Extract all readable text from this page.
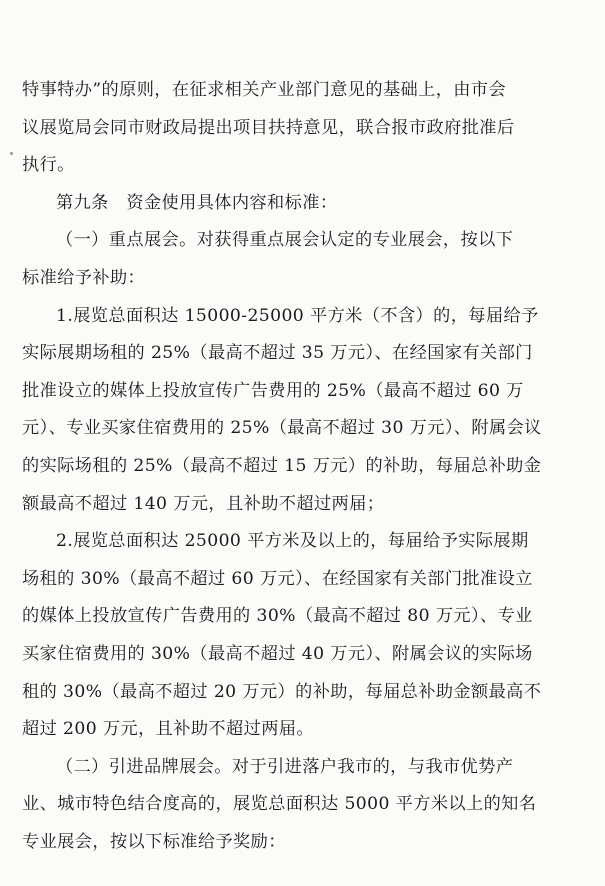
特事特办”的原则，在征求相关产业部门意见的基础上，由市会
议展览局会同市财政局提出项目扶持意见，联合报市政府批准后
执行。
第九条　资金使用具体内容和标准：
（一）重点展会。对获得重点展会认定的专业展会，按以下
标准给予补助：
1.展览总面积达 15000-25000 平方米（不含）的，每届给予
实际展期场租的 25%（最高不超过 35 万元）、在经国家有关部门
批准设立的媒体上投放宣传广告费用的 25%（最高不超过 60 万
元）、专业买家住宿费用的 25%（最高不超过 30 万元）、附属会议
的实际场租的 25%（最高不超过 15 万元）的补助，每届总补助金
额最高不超过 140 万元，且补助不超过两届；
2.展览总面积达 25000 平方米及以上的，每届给予实际展期
场租的 30%（最高不超过 60 万元）、在经国家有关部门批准设立
的媒体上投放宣传广告费用的 30%（最高不超过 80 万元）、专业
买家住宿费用的 30%（最高不超过 40 万元）、附属会议的实际场
租的 30%（最高不超过 20 万元）的补助，每届总补助金额最高不
超过 200 万元，且补助不超过两届。
（二）引进品牌展会。对于引进落户我市的，与我市优势产
业、城市特色结合度高的，展览总面积达 5000 平方米以上的知名
专业展会，按以下标准给予奖励：
